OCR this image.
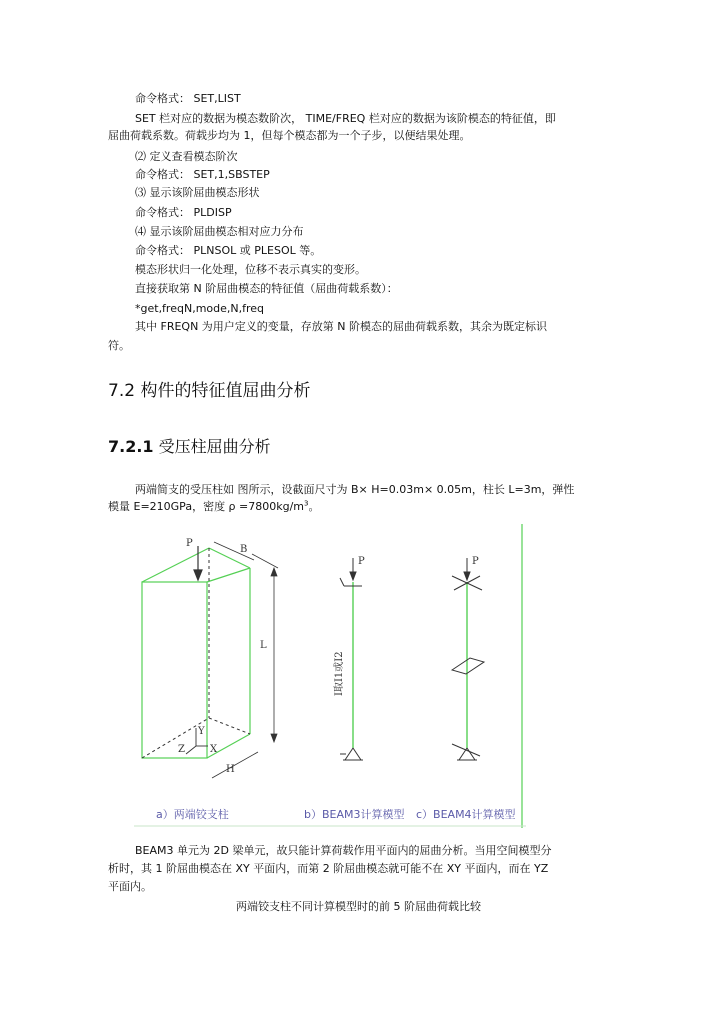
命令格式： SET,LIST
SET 栏对应的数据为模态数阶次， TIME/FREQ 栏对应的数据为该阶模态的特征值，即
屈曲荷载系数。荷载步均为 1，但每个模态都为一个子步，以便结果处理。
⑵ 定义查看模态阶次
命令格式： SET,1,SBSTEP
⑶ 显示该阶屈曲模态形状
命令格式： PLDISP
⑷ 显示该阶屈曲模态相对应力分布
命令格式： PLNSOL 或 PLESOL 等。
模态形状归一化处理，位移不表示真实的变形。
直接获取第 N 阶屈曲模态的特征值（屈曲荷载系数）：
*get,freqN,mode,N,freq
其中 FREQN 为用户定义的变量，存放第 N 阶模态的屈曲荷载系数，其余为既定标识
符。
7.2 构件的特征值屈曲分析
7.2.1 受压柱屈曲分析
两端简支的受压柱如 图所示，设截面尺寸为 B× H=0.03m× 0.05m，柱长 L=3m，弹性
模量 E=210GPa，密度 $\rho =7800kg/m^3$。
P
B
L
H
Y
X
Z
P
I取I1或I2
P
a）两端铰支柱	b）BEAM3计算模型 c）BEAM4计算模型
BEAM3 单元为 2D 梁单元，故只能计算荷载作用平面内的屈曲分析。当用空间模型分
析时，其 1 阶屈曲模态在 XY 平面内，而第 2 阶屈曲模态就可能不在 XY 平面内，而在 YZ
平面内。
两端铰支柱不同计算模型时的前 5 阶屈曲荷载比较
